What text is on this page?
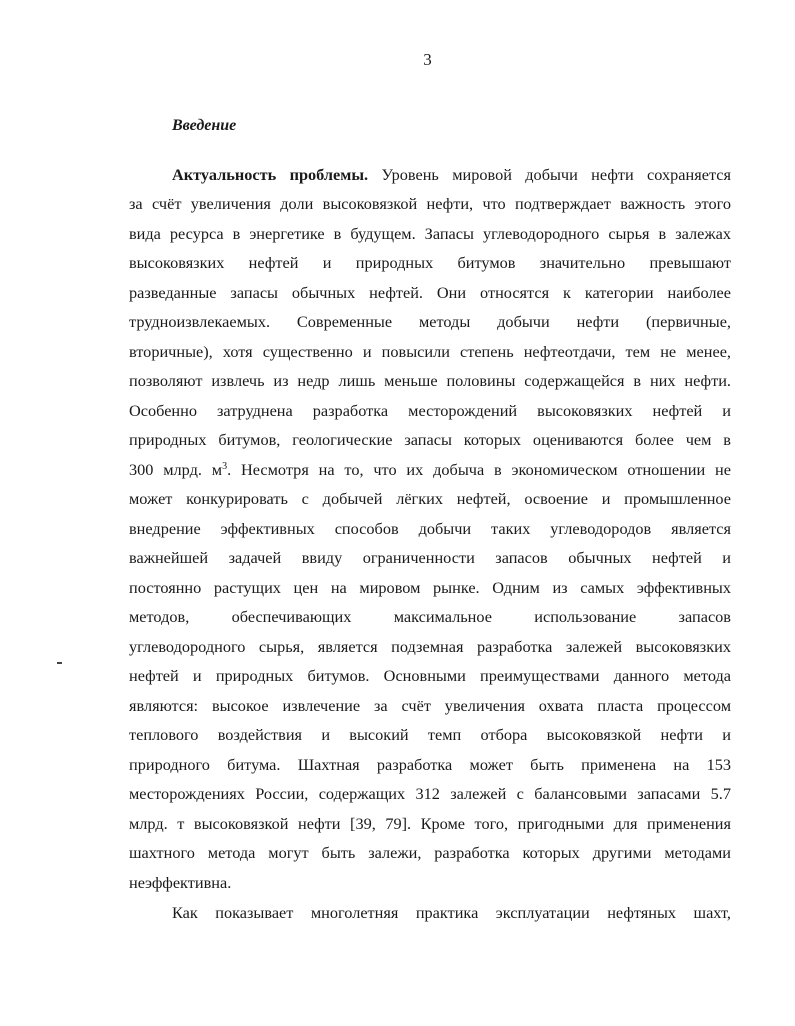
3
Введение
Актуальность проблемы. Уровень мировой добычи нефти сохраняется
за счёт увеличения доли высоковязкой нефти, что подтверждает важность этого
вида ресурса в энергетике в будущем. Запасы углеводородного сырья в залежах
высоковязких нефтей и природных битумов значительно превышают
разведанные запасы обычных нефтей. Они относятся к категории наиболее
трудноизвлекаемых. Современные методы добычи нефти (первичные,
вторичные), хотя существенно и повысили степень нефтеотдачи, тем не менее,
позволяют извлечь из недр лишь меньше половины содержащейся в них нефти.
Особенно затруднена разработка месторождений высоковязких нефтей и
природных битумов, геологические запасы которых оцениваются более чем в
300 млрд. $м^3$. Несмотря на то, что их добыча в экономическом отношении не
может конкурировать с добычей лёгких нефтей, освоение и промышленное
внедрение эффективных способов добычи таких углеводородов является
важнейшей задачей ввиду ограниченности запасов обычных нефтей и
постоянно растущих цен на мировом рынке. Одним из самых эффективных
методов, обеспечивающих максимальное использование запасов
углеводородного сырья, является подземная разработка залежей высоковязких
нефтей и природных битумов. Основными преимуществами данного метода
являются: высокое извлечение за счёт увеличения охвата пласта процессом
теплового воздействия и высокий темп отбора высоковязкой нефти и
природного битума. Шахтная разработка может быть применена на 153
месторождениях России, содержащих 312 залежей с балансовыми запасами 5.7
млрд. т высоковязкой нефти [39, 79]. Кроме того, пригодными для применения
шахтного метода могут быть залежи, разработка которых другими методами
неэффективна.
Как показывает многолетняя практика эксплуатации нефтяных шахт,
